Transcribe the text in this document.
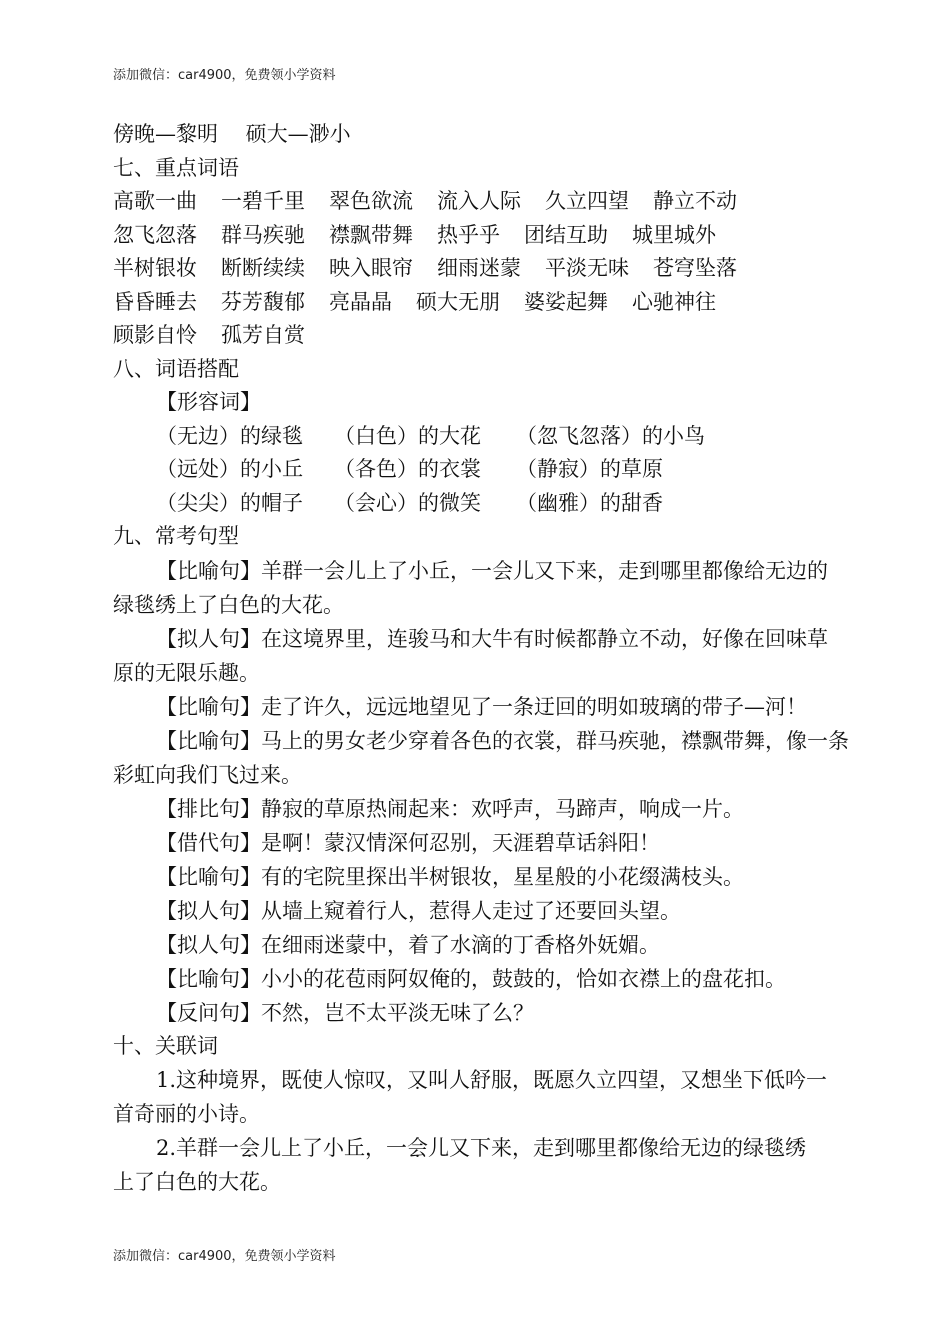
添加微信：car4900，免费领小学资料
傍晚—黎明　 硕大—渺小
七、重点词语
高歌一曲 一碧千里 翠色欲流 流入人际 久立四望 静立不动
忽飞忽落 群马疾驰 襟飘带舞 热乎乎 团结互助 城里城外
半树银妆 断断续续 映入眼帘 细雨迷蒙 平淡无味 苍穹坠落
昏昏睡去 芬芳馥郁 亮晶晶 硕大无朋 婆娑起舞 心驰神往
顾影自怜 孤芳自赏
八、词语搭配
【形容词】
（无边）的绿毯 （白色）的大花 （忽飞忽落）的小鸟
（远处）的小丘 （各色）的衣裳 （静寂）的草原
（尖尖）的帽子 （会心）的微笑 （幽雅）的甜香
九、常考句型

【比喻句】羊群一会儿上了小丘，一会儿又下来，走到哪里都像给无边的

绿毯绣上了白色的大花。

【拟人句】在这境界里，连骏马和大牛有时候都静立不动，好像在回味草

原的无限乐趣。

【比喻句】走了许久，远远地望见了一条迂回的明如玻璃的带子—河！

【比喻句】马上的男女老少穿着各色的衣裳，群马疾驰，襟飘带舞，像一条

彩虹向我们飞过来。

【排比句】静寂的草原热闹起来：欢呼声，马蹄声，响成一片。

【借代句】是啊！蒙汉情深何忍别，天涯碧草话斜阳！

【比喻句】有的宅院里探出半树银妆，星星般的小花缀满枝头。

【拟人句】从墙上窥着行人，惹得人走过了还要回头望。

【拟人句】在细雨迷蒙中，着了水滴的丁香格外妩媚。

【比喻句】小小的花苞雨阿奴俺的，鼓鼓的，恰如衣襟上的盘花扣。

【反问句】不然，岂不太平淡无味了么？

十、关联词

1.这种境界，既使人惊叹，又叫人舒服，既愿久立四望，又想坐下低吟一

首奇丽的小诗。

2.羊群一会儿上了小丘，一会儿又下来，走到哪里都像给无边的绿毯绣

上了白色的大花。

添加微信：car4900，免费领小学资料
